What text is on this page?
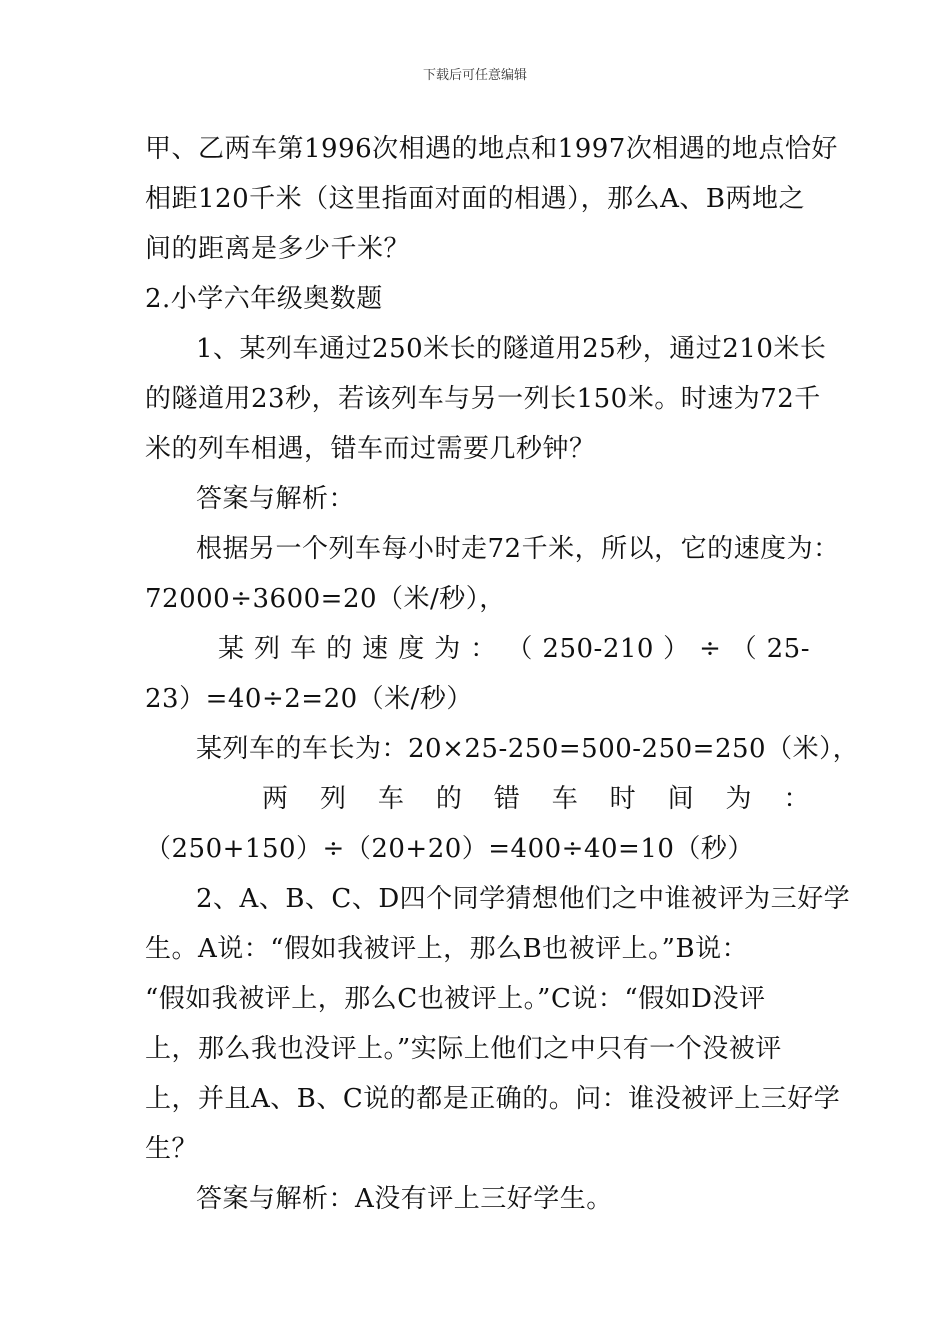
下载后可任意编辑
甲、乙两车第1996次相遇的地点和1997次相遇的地点恰好
相距120千米（这里指面对面的相遇），那么A、B两地之
间的距离是多少千米？
2.小学六年级奥数题
1、某列车通过250米长的隧道用25秒，通过210米长
的隧道用23秒，若该列车与另一列长150米。时速为72千
米的列车相遇，错车而过需要几秒钟？
答案与解析：
根据另一个列车每小时走72千米，所以，它的速度为：
72000÷3600=20（米/秒），
某 列 车 的 速 度 为 ： （ 250-210 ） ÷ （ 25-
23）=40÷2=20（米/秒）
某列车的车长为：20×25-250=500-250=250（米），
两 列 车 的 错 车 时 间 为 ：
（250+150）÷（20+20）=400÷40=10（秒）
2、A、B、C、D四个同学猜想他们之中谁被评为三好学
生。A说：“假如我被评上，那么B也被评上。”B说：
“假如我被评上，那么C也被评上。”C说：“假如D没评
上，那么我也没评上。”实际上他们之中只有一个没被评
上，并且A、B、C说的都是正确的。问：谁没被评上三好学
生？
答案与解析：A没有评上三好学生。
